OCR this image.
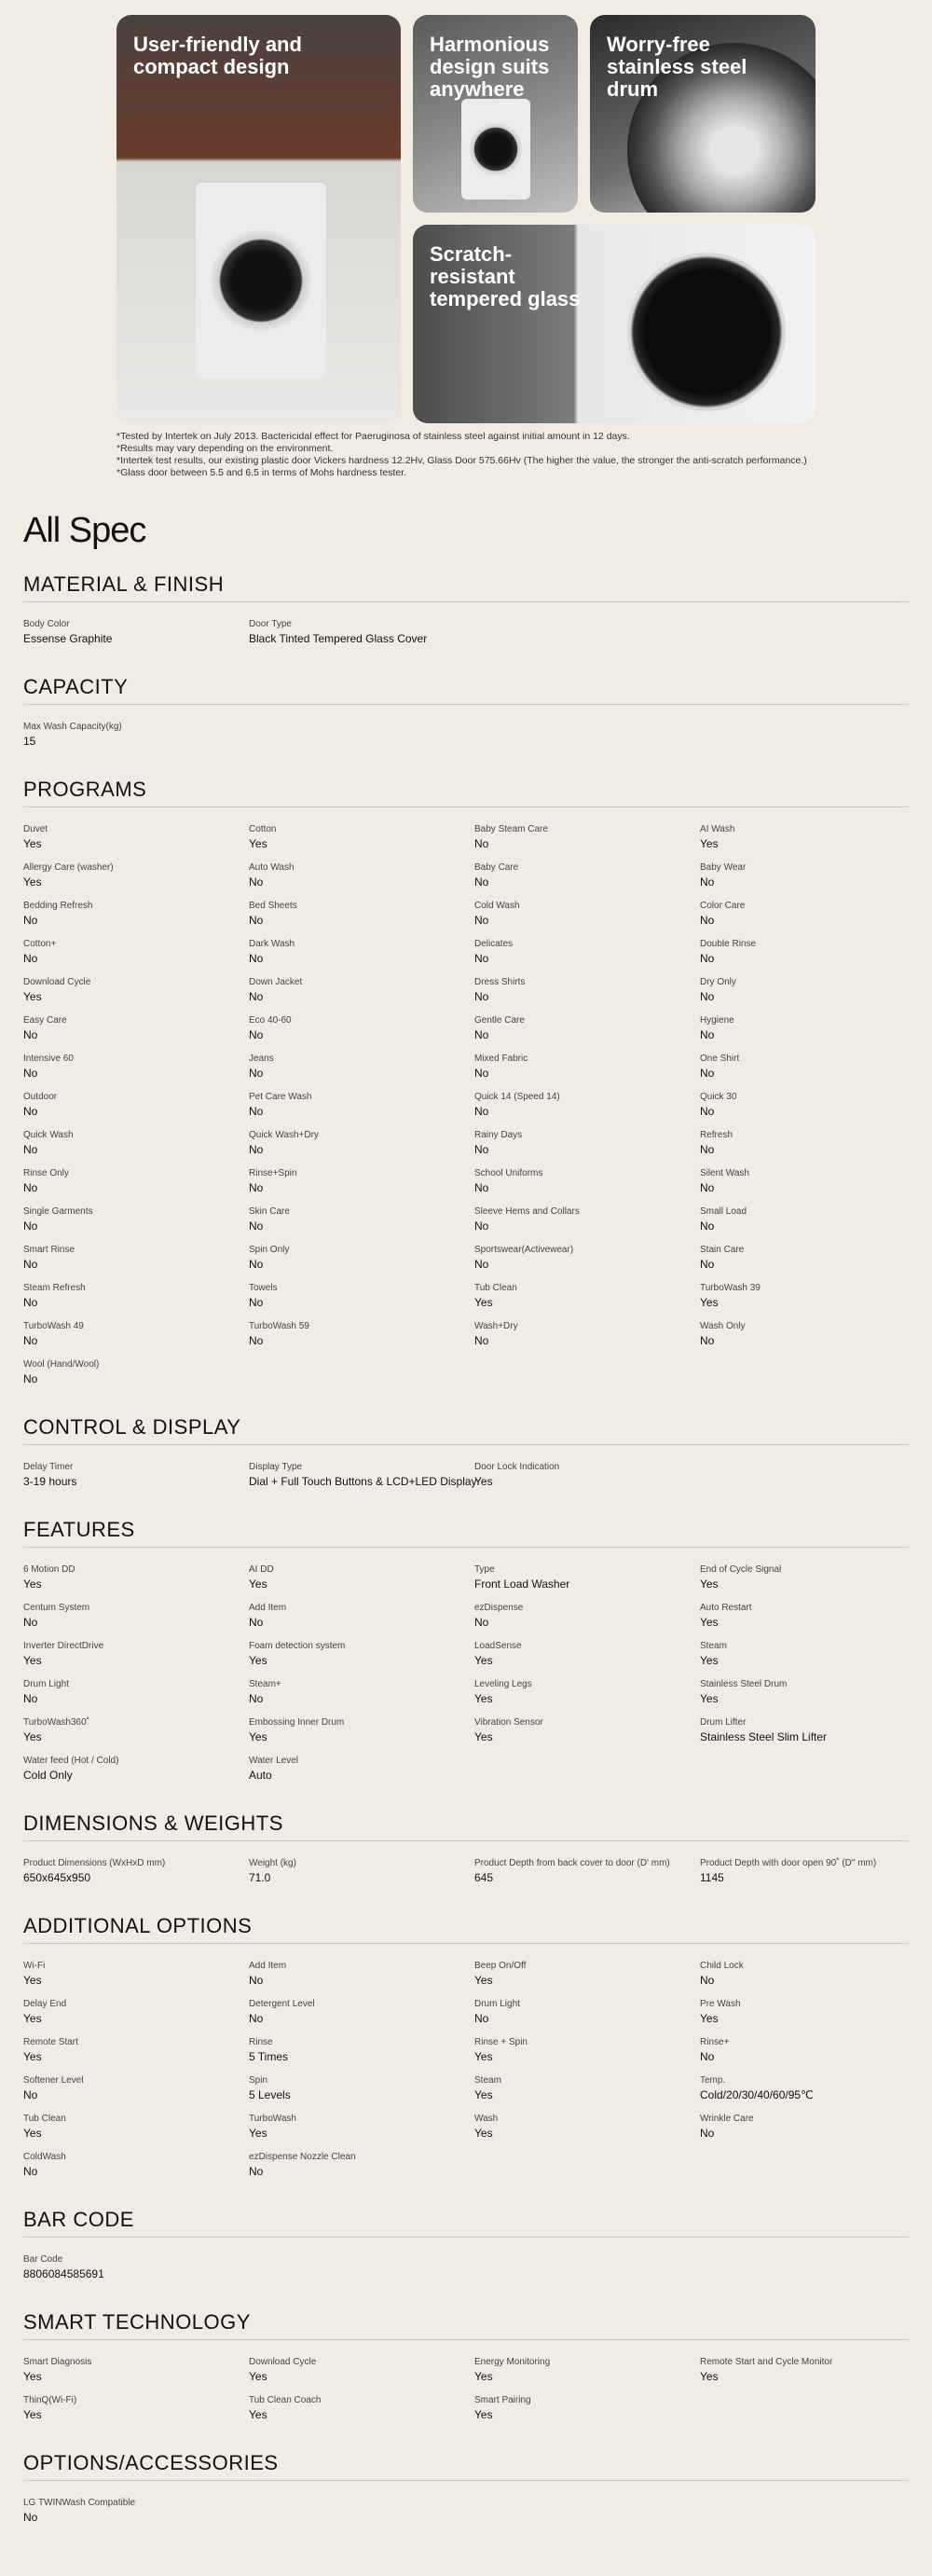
User-friendly and
compact design
Harmonious
design suits
anywhere
Worry-free
stainless steel
drum
Scratch-
resistant
tempered glass
*Tested by Intertek on July 2013. Bactericidal effect for Paeruginosa of stainless steel against initial amount in 12 days.
*Results may vary depending on the environment.
*Intertek test results, our existing plastic door Vickers hardness 12.2Hv, Glass Door 575.66Hv (The higher the value, the stronger the anti-scratch performance.)
*Glass door between 5.5 and 6.5 in terms of Mohs hardness tester.
All Spec
MATERIAL & FINISH
Body Color
Essense Graphite
Door Type
Black Tinted Tempered Glass Cover
CAPACITY
Max Wash Capacity(kg)
15
PROGRAMS
Duvet
Yes
Cotton
Yes
Baby Steam Care
No
AI Wash
Yes
Allergy Care (washer)
Yes
Auto Wash
No
Baby Care
No
Baby Wear
No
Bedding Refresh
No
Bed Sheets
No
Cold Wash
No
Color Care
No
Cotton+
No
Dark Wash
No
Delicates
No
Double Rinse
No
Download Cycle
Yes
Down Jacket
No
Dress Shirts
No
Dry Only
No
Easy Care
No
Eco 40-60
No
Gentle Care
No
Hygiene
No
Intensive 60
No
Jeans
No
Mixed Fabric
No
One Shirt
No
Outdoor
No
Pet Care Wash
No
Quick 14 (Speed 14)
No
Quick 30
No
Quick Wash
No
Quick Wash+Dry
No
Rainy Days
No
Refresh
No
Rinse Only
No
Rinse+Spin
No
School Uniforms
No
Silent Wash
No
Single Garments
No
Skin Care
No
Sleeve Hems and Collars
No
Small Load
No
Smart Rinse
No
Spin Only
No
Sportswear(Activewear)
No
Stain Care
No
Steam Refresh
No
Towels
No
Tub Clean
Yes
TurboWash 39
Yes
TurboWash 49
No
TurboWash 59
No
Wash+Dry
No
Wash Only
No
Wool (Hand/Wool)
No
CONTROL & DISPLAY
Delay Timer
3-19 hours
Display Type
Dial + Full Touch Buttons & LCD+LED Display
Door Lock Indication
Yes
FEATURES
6 Motion DD
Yes
AI DD
Yes
Type
Front Load Washer
End of Cycle Signal
Yes
Centum System
No
Add Item
No
ezDispense
No
Auto Restart
Yes
Inverter DirectDrive
Yes
Foam detection system
Yes
LoadSense
Yes
Steam
Yes
Drum Light
No
Steam+
No
Leveling Legs
Yes
Stainless Steel Drum
Yes
TurboWash360˚
Yes
Embossing Inner Drum
Yes
Vibration Sensor
Yes
Drum Lifter
Stainless Steel Slim Lifter
Water feed (Hot / Cold)
Cold Only
Water Level
Auto
DIMENSIONS & WEIGHTS
Product Dimensions (WxHxD mm)
650x645x950
Weight (kg)
71.0
Product Depth from back cover to door (D' mm)
645
Product Depth with door open 90˚ (D" mm)
1145
ADDITIONAL OPTIONS
Wi-Fi
Yes
Add Item
No
Beep On/Off
Yes
Child Lock
No
Delay End
Yes
Detergent Level
No
Drum Light
No
Pre Wash
Yes
Remote Start
Yes
Rinse
5 Times
Rinse + Spin
Yes
Rinse+
No
Softener Level
No
Spin
5 Levels
Steam
Yes
Temp.
Cold/20/30/40/60/95℃
Tub Clean
Yes
TurboWash
Yes
Wash
Yes
Wrinkle Care
No
ColdWash
No
ezDispense Nozzle Clean
No
BAR CODE
Bar Code
8806084585691
SMART TECHNOLOGY
Smart Diagnosis
Yes
Download Cycle
Yes
Energy Monitoring
Yes
Remote Start and Cycle Monitor
Yes
ThinQ(Wi-Fi)
Yes
Tub Clean Coach
Yes
Smart Pairing
Yes
OPTIONS/ACCESSORIES
LG TWINWash Compatible
No
